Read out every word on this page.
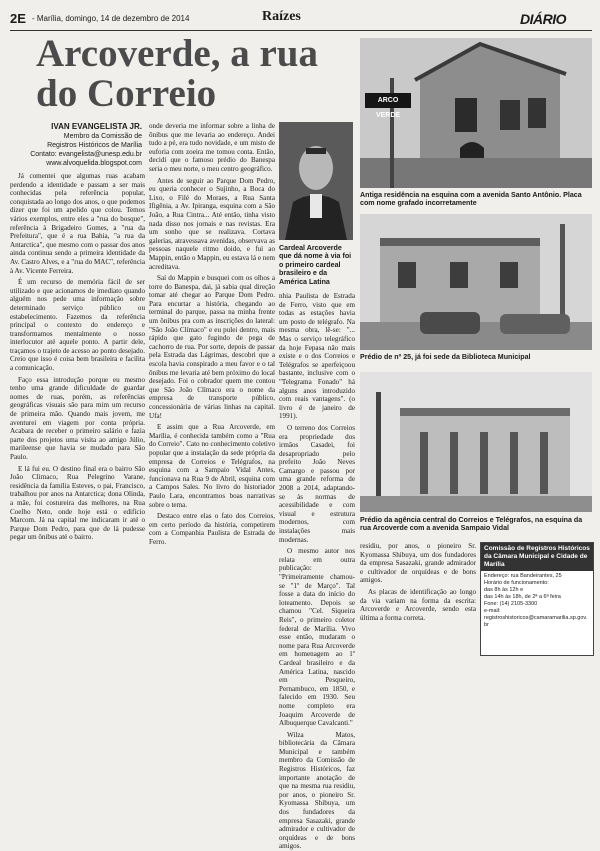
2E - Marília, domingo, 14 de dezembro de 2014	Raízes	DIÁRIO
Arcoverde, a rua
do Correio
IVAN EVANGELISTA JR.
Membro da Comissão de
Registros Históricos de Marília
Contato: evangelista@unesp.edu.br
www.alvoquelida.blogspot.com

Já comentei que algumas ruas acabam perdendo a identidade e passam a ser mais conhecidas pela referência popular, conquistada ao longo dos anos, o que podemos dizer que foi um apelido que colou. Temos vários exemplos, entre eles a "rua do bosque", referência à Brigadeiro Gomes, a "rua da Prefeitura", que é a rua Bahia, "a rua da Antarctica", que mesmo com o passar dos anos ainda continua sendo a primeira identidade da Av. Castro Alves, e a "rua do MAC", referência à Av. Vicente Ferreira.

É um recurso de memória fácil de ser utilizado e que acionamos de imediato quando alguém nos pede uma informação sobre determinado serviço público ou estabelecimento. Fazemos da referência principal o contexto do endereço e transformamos mentalmente o nosso interlocutor até aquele ponto. A partir dele, traçamos o trajeto de acesso ao ponto desejado. Creio que isso é coisa bem brasileira e facilita a comunicação.

Faço essa introdução porque eu mesmo tenho uma grande dificuldade de guardar nomes de ruas, porém, as referências geográficas visuais são para mim um recurso de primeira mão. Quando mais jovem, me aventurei em viagem por conta própria. Acabara de receber o primeiro salário e fazia parte dos projetos uma visita ao amigo Júlio, marileense que havia se mudado para São Paulo.

E lá fui eu. O destino final era o bairro São João Climaco, Rua Pelegrino Varane, residência da família Esteves, o pai, Francisco, trabalhou por anos na Antarctica; dona Olinda, a mãe, foi costureira das melhores, na Rua Coelho Neto, onde hoje está o edifício Marcom. Já na capital me indicaram ir até o Parque Dom Pedro, para que de lá pudesse pegar um ônibus até o bairro.

onde deveria me informar sobre a linha de ônibus que me levaria ao endereço. Andei tudo a pé, era tudo novidade, e um misto de euforia com zoeira me tomou conta. Então, decidi que o famoso prédio do Banespa seria o meu norte, o meu centro geográfico.

Antes de seguir ao Parque Dom Pedro, eu queria conhecer o Sujinho, a Boca do Lixo, o Filé do Moraes, a Rua Santa Ifigênia, a Av. Ipiranga, esquina com a São João, a Rua Cintra... Até então, tinha visto nada disso nos jornais e nas revistas. Era um sonho que se realizava. Cortava galerias, atravessava avenidas, observava as pessoas naquele ritmo doido, e fui ao Mappin, então o Mappin, eu estava lá e nem acreditava.

Saí do Mappin e busquei com os olhos a torre do Banespa, dai, já sabia qual direção tomar até chegar ao Parque Dom Pedro. Para encurtar a história, chegando ao terminal do parque, passa na minha frente um ônibus pra com as inscrições do lateral: "São João Clímaco" e eu pulei dentro, mais rápido que gato fugindo de pega de cachorro de rua. Por sorte, depois de passar pela Estrada das Lágrimas, descobri que a escola havia conspirado a meu favor e o tal ônibus me levaria até bem próximo do local desejado. Foi o cobrador quem me contou que São João Clímaco era o nome da empresa de transporte público, concessionária de várias linhas na capital. Ufa!

E assim que a Rua Arcoverde, em Marília, é conhecida também como a "Rua do Correio". Cato no conhecimento coletivo popular que a instalação da sede própria da empresa de Correios e Telégrafos, na esquina com a Sampaio Vidal Antes, funcionava na Rua 9 de Abril, esquina com a Campos Sales. No livro do historiador Paulo Lara, encontramos boas narrativas sobre o tema.

Destaco entre elas o fato dos Correios, em certo período da história, competirem com a Companhia Paulista de Estrada de Ferro.

Cardeal Arcoverde que dá nome à via foi o primeiro cardeal brasileiro e da América Latina

nhia Paulista de Estrada de Ferro, visto que em todas as estações havia um posto de telégrafo. Na mesma obra, lê-se: "... Mas o serviço telegráfico da hoje Fepasa não mais existe e o dos Correios e Telégrafos se aperfeiçoou bastante, inclusive com o "Telegrama Fonado" há alguns anos introduzido com reais vantagens". (o livro é de janeiro de 1991).

O terreno dos Correios era propriedade dos irmãos Casadei, foi desapropriado pelo prefeito João Neves Camargo e passou por uma grande reforma de 2008 a 2014, adaptando-se às normas de acessibilidade e com visual e estrutura modernos, com instalações mais modernas.

O mesmo autor nos relata em outra publicação: "Primeiramente chamou-se "1º de Março". Tal fosse a data do início do loteamento. Depois se chamou "Cel. Siqueira Reis", o primeiro coletor federal de Marília. Vivo esse então, mudaram o nome para Rua Arcoverde em homenagem ao 1º Cardeal brasileiro e da América Latina, nascido em Pesqueiro, Pernambuco, em 1850, e falecido em 1930. Seu nome completo era Joaquim Arcoverde de Albuquerque Cavalcanti."

Wilza Matos, bibliotecária da Câmara Municipal e também membro da Comissão de Registros Históricos, faz importante anotação de que na mesma rua residiu, por anos, o pioneiro Sr. Kyomassa Shibuya, um dos fundadores da empresa Sasazaki, grande admirador e cultivador de orquídeas e de bons amigos.

ARCO VERDE
Antiga residência na esquina com a avenida Santo Antônio. Placa com nome grafado incorretamente
Prédio de nº 25, já foi sede da Biblioteca Municipal
Prédio da agência central do Correios e Telégrafos, na esquina da rua Arcoverde com a avenida Sampaio Vidal

residiu, por anos, o pioneiro Sr. Kyomassa Shibuya, um dos fundadores da empresa Sasazaki, grande admirador e cultivador de orquídeas e de bons amigos.

As placas de identificação ao longo da via variam na forma da escrita: Arcoverde e Arcoverde, sendo esta última a forma correta.

Comissão de Registros Históricos da Câmara Municipal e Cidade de Marília
Endereço: rua Bandeirantes, 25
Horário de funcionamento:
das 8h às 12h e
das 14h às 18h, de 2ª a 6ª feira
Fone: (14) 2105-3300
e-mail:
registroshistoricos@camaramarilia.sp.gov.br
